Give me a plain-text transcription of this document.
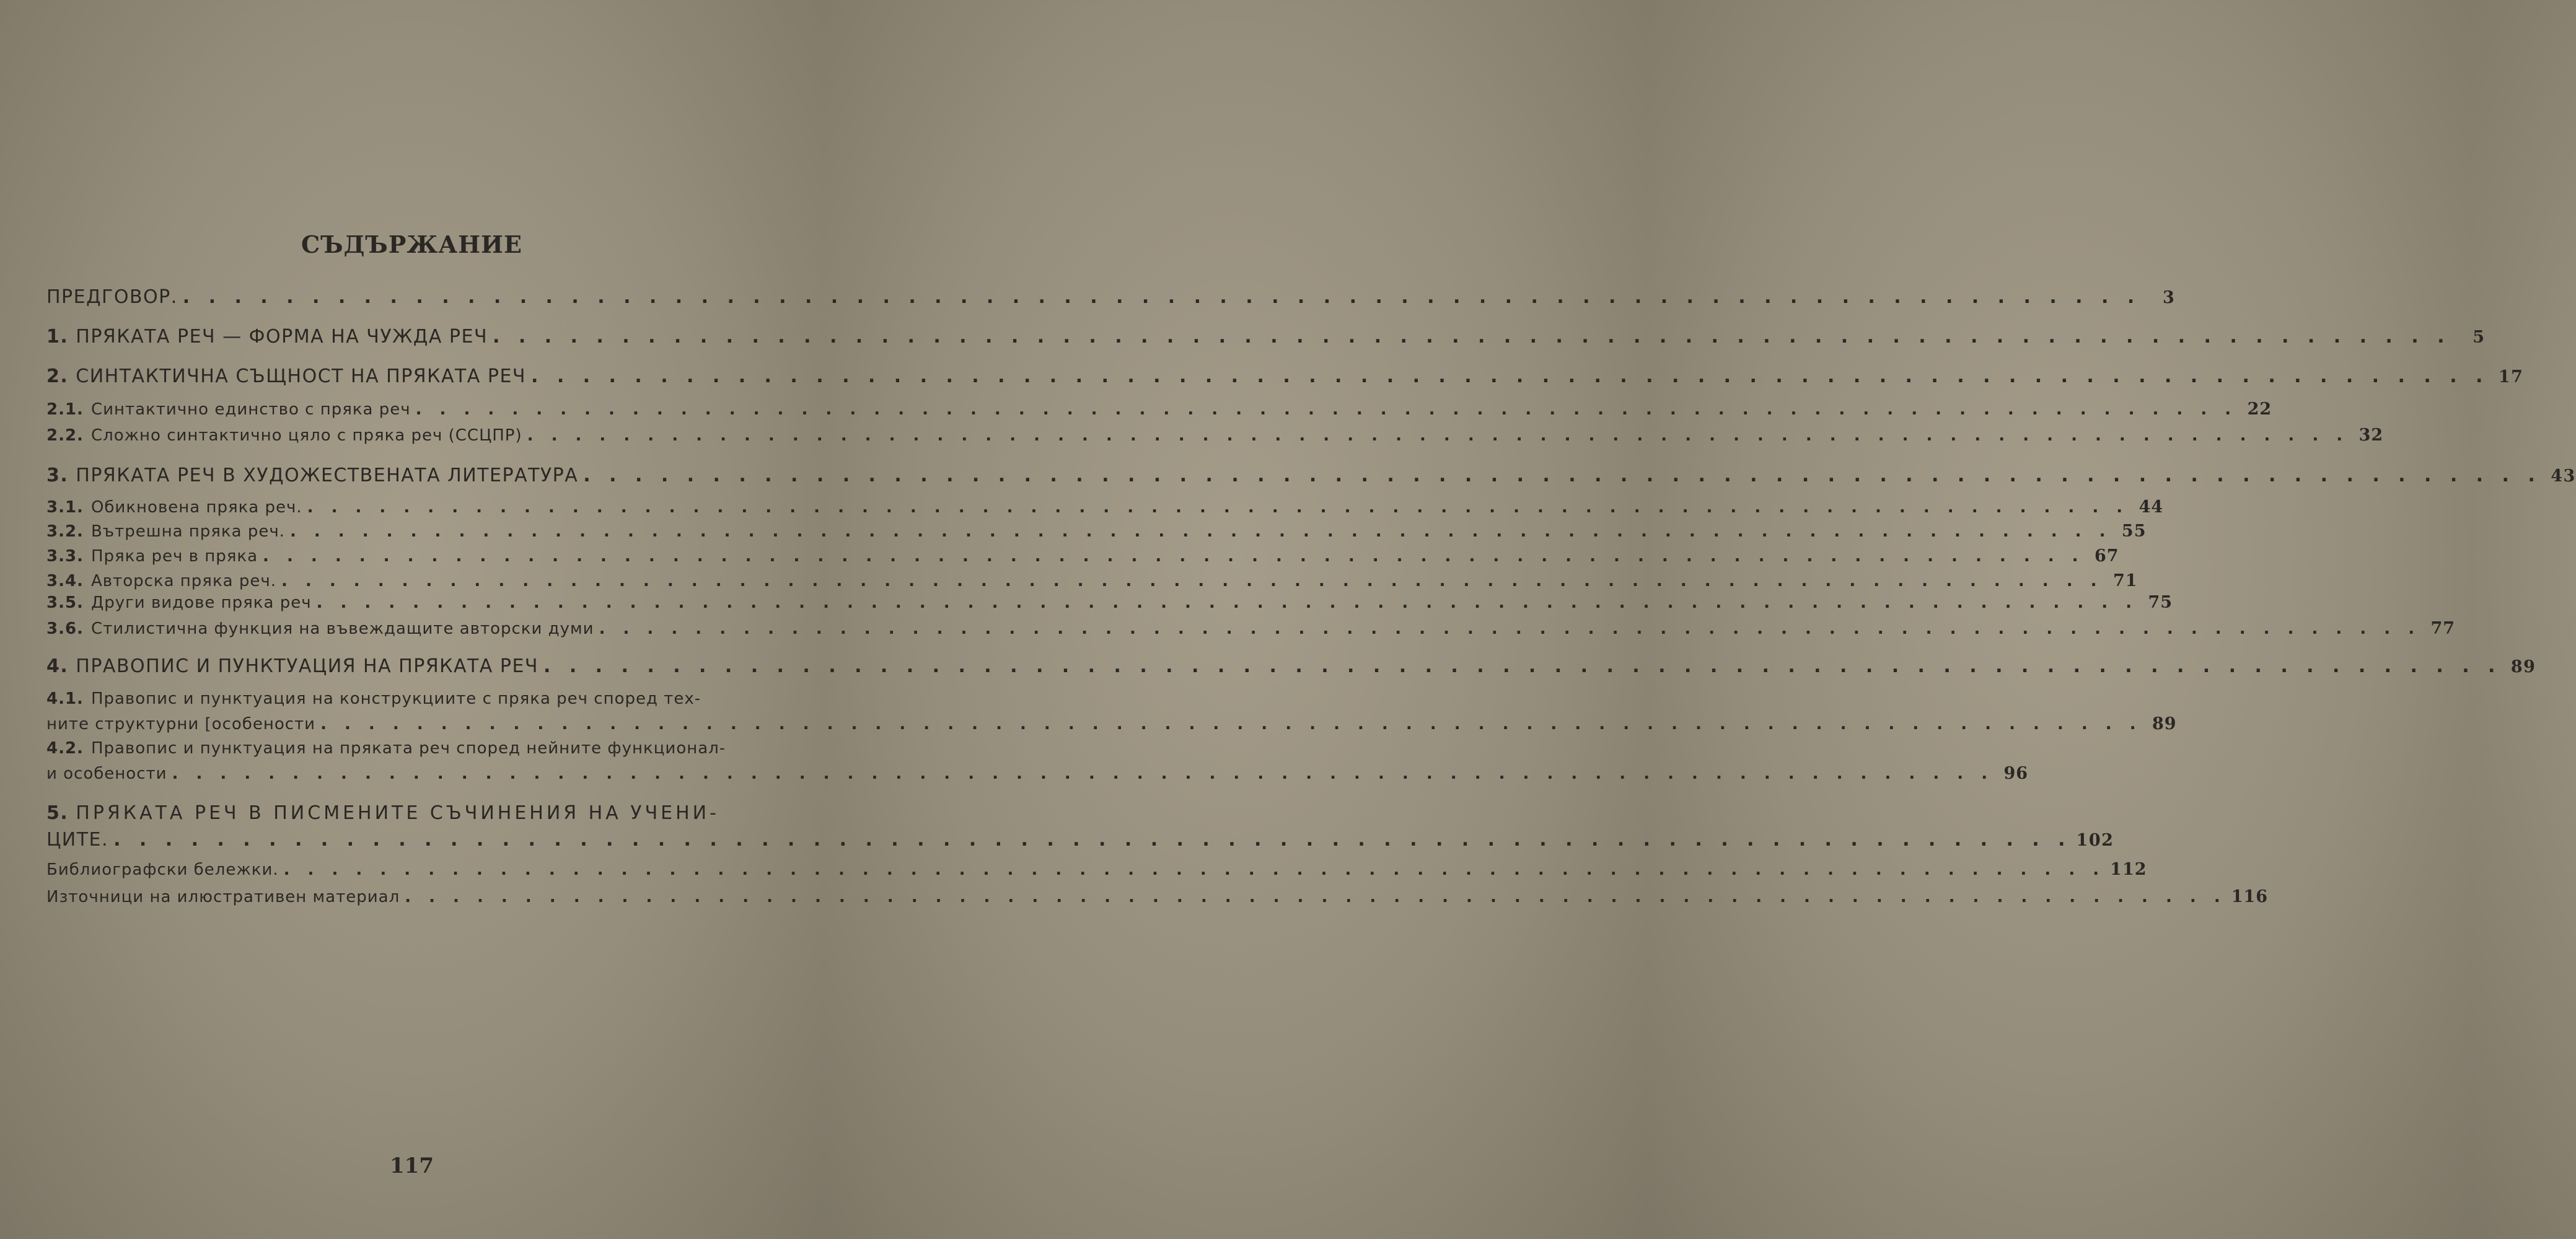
СЪДЪРЖАНИЕ
ПРЕДГОВОР. . . .	3
1. ПРЯКАТА РЕЧ — ФОРМА НА ЧУЖДА РЕЧ . . .	5
2. СИНТАКТИЧНА СЪЩНОСТ НА ПРЯКАТА РЕЧ . . .	17
2.1. Синтактично единство с пряка реч . . .	22
2.2. Сложно синтактично цяло с пряка реч (ССЦПР) . . .	32
3. ПРЯКАТА РЕЧ В ХУДОЖЕСТВЕНАТА ЛИТЕРАТУРА . . .	43
3.1. Обикновена пряка реч. . . .	44
3.2. Вътрешна пряка реч. . . .	55
3.3. Пряка реч в пряка . . .	67
3.4. Авторска пряка реч. . . .	71
3.5. Други видове пряка реч . . .	75
3.6. Стилистична функция на въвеждащите авторски думи . . .	77
4. ПРАВОПИС И ПУНКТУАЦИЯ НА ПРЯКАТА РЕЧ . . .	89
4.1. Правопис и пунктуация на конструкциите с пряка реч според тех-
ните структурни [особености . . .	89
4.2. Правопис и пунктуация на пряката реч според нейните функционал-
и особености . . .	96
5. ПРЯКАТА РЕЧ В ПИСМЕНИТЕ СЪЧИНЕНИЯ НА УЧЕНИ-
ЦИТЕ. . . .	102
Библиографски бележки. . . .	112
Източници на илюстративен материал . . .	116
117
